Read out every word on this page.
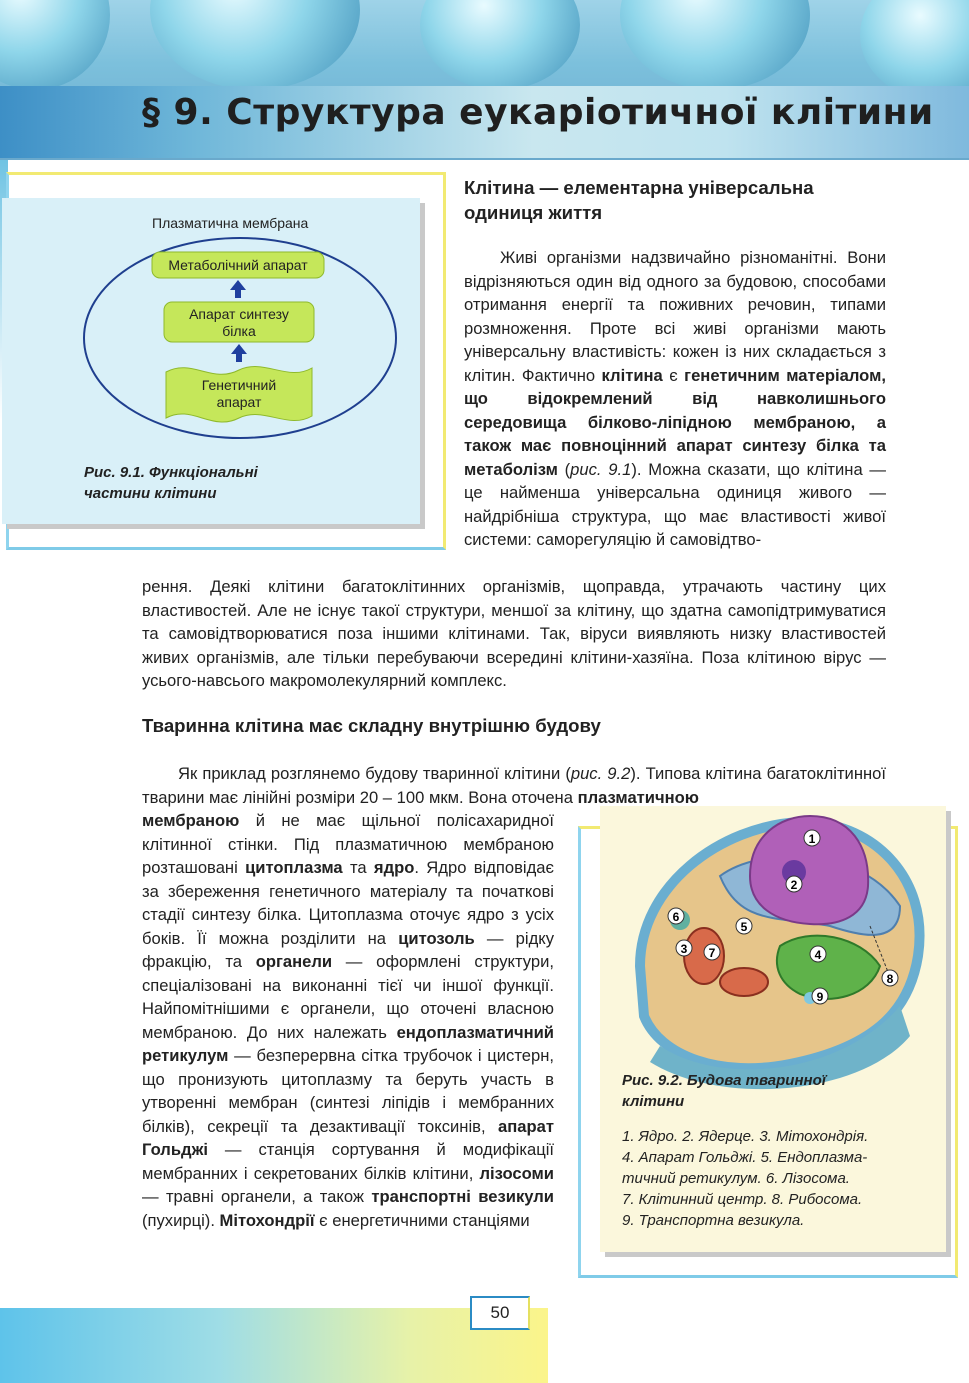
§ 9. Структура еукаріотичної клітини
Плазматична мембрана
Метаболічний апарат
Апарат синтезу
білка
Генетичний
апарат
Рис. 9.1. Функціональні
частини клітини
Клітина — елементарна універсальна
одиниця життя

Живі організми надзвичайно різноманітні. Вони відрізняються один від одного за будовою, способами отримання енергії та поживних речовин, типами розмноження. Проте всі живі організми мають універсальну властивість: кожен із них складається з клітин. Фактично клітина є генетичним матеріалом, що відокремлений від навколишнього середовища білково-ліпідною мембраною, а також має повноцінний апарат синтезу білка та метаболізм (рис. 9.1). Можна сказати, що клітина — це найменша універсальна одиниця живого — найдрібніша структура, що має властивості живої системи: саморегуляцію й самовідтво-

рення. Деякі клітини багатоклітинних організмів, щоправда, утрачають частину цих властивостей. Але не існує такої структури, меншої за клітину, що здатна самопідтримуватися та самовідтворюватися поза іншими клітинами. Так, віруси виявляють низку властивостей живих організмів, але тільки перебуваючи всередині клітини-хазяїна. Поза клітиною вірус — усього-навсього макромолекулярний комплекс.

Тваринна клітина має складну внутрішню будову

Як приклад розглянемо будову тваринної клітини (рис. 9.2). Типова клітина багатоклітинної тварини має лінійні розміри 20 – 100 мкм. Вона оточена плазматичною

мембраною й не має щільної полісахаридної клітинної стінки. Під плазматичною мембраною розташовані цитоплазма та ядро. Ядро відповідає за збереження генетичного матеріалу та початкові стадії синтезу білка. Цитоплазма оточує ядро з усіх боків. Її можна розділити на цитозоль — рідку фракцію, та органели — оформлені структури, спеціалізовані на виконанні тієї чи іншої функції. Найпомітнішими є органели, що оточені власною мембраною. До них належать ендоплазматичний ретикулум — безперервна сітка трубочок і цистерн, що пронизують цитоплазму та беруть участь в утворенні мембран (синтезі ліпідів і мембранних білків), секреції та дезактивації токсинів, апарат Гольджі — станція сортування й модифікації мембранних і секретованих білків клітини, лізосоми — травні органели, а також транспортні везикули (пухирці). Мітохондрії є енергетичними станціями

1
2
3	4
5
6
7
8
9
Рис. 9.2. Будова тваринної
клітини
1. Ядро. 2. Ядерце. 3. Мітохондрія.
4. Апарат Гольджі. 5. Ендоплазма-
тичний ретикулум. 6. Лізосома.
7. Клітинний центр. 8. Рибосома.
9. Транспортна везикула.
50
